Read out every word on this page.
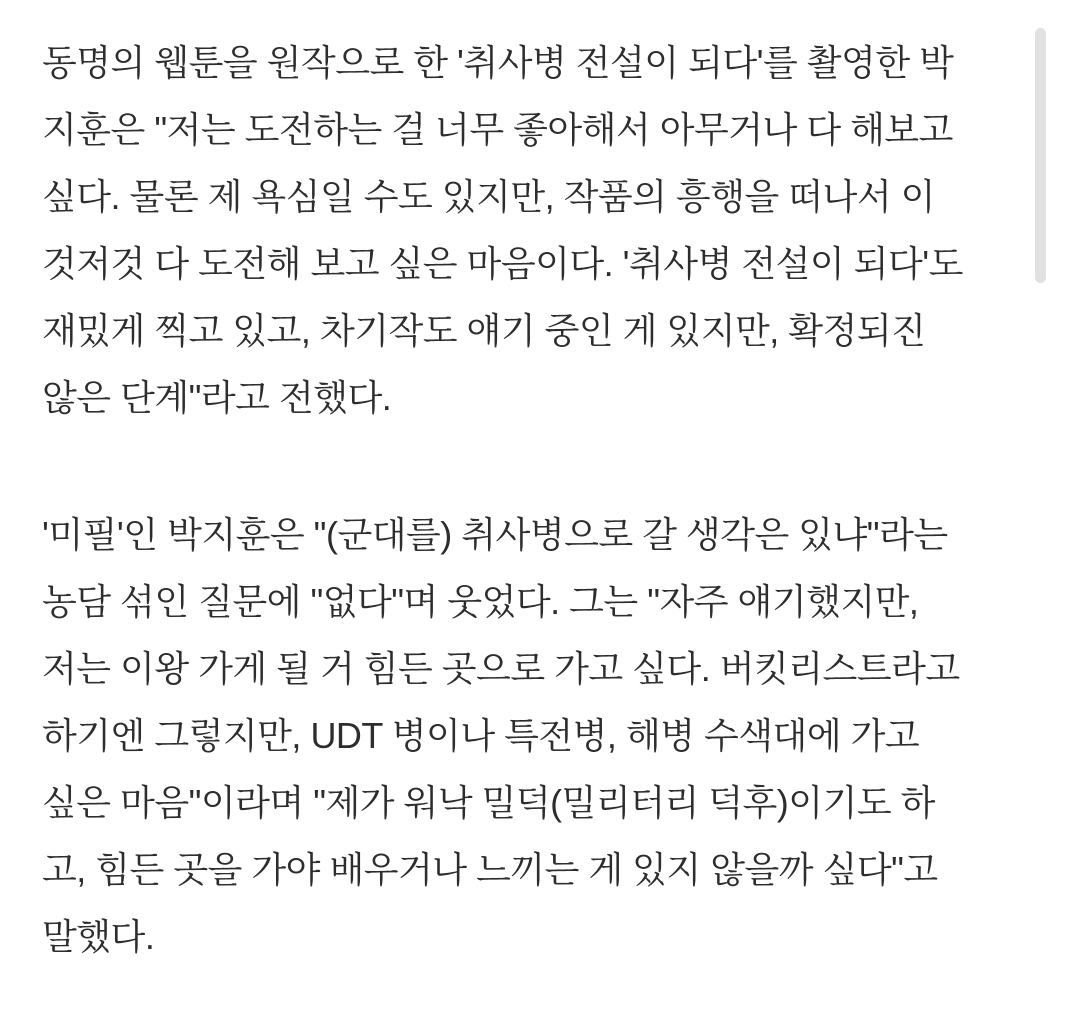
동명의 웹툰을 원작으로 한 '취사병 전설이 되다'를 촬영한 박
지훈은 "저는 도전하는 걸 너무 좋아해서 아무거나 다 해보고
싶다. 물론 제 욕심일 수도 있지만, 작품의 흥행을 떠나서 이
것저것 다 도전해 보고 싶은 마음이다. '취사병 전설이 되다'도
재밌게 찍고 있고, 차기작도 얘기 중인 게 있지만, 확정되진
않은 단계"라고 전했다.
'미필'인 박지훈은 "(군대를) 취사병으로 갈 생각은 있냐"라는
농담 섞인 질문에 "없다"며 웃었다. 그는 "자주 얘기했지만,
저는 이왕 가게 될 거 힘든 곳으로 가고 싶다. 버킷리스트라고
하기엔 그렇지만, UDT 병이나 특전병, 해병 수색대에 가고
싶은 마음"이라며 "제가 워낙 밀덕(밀리터리 덕후)이기도 하
고, 힘든 곳을 가야 배우거나 느끼는 게 있지 않을까 싶다"고
말했다.
